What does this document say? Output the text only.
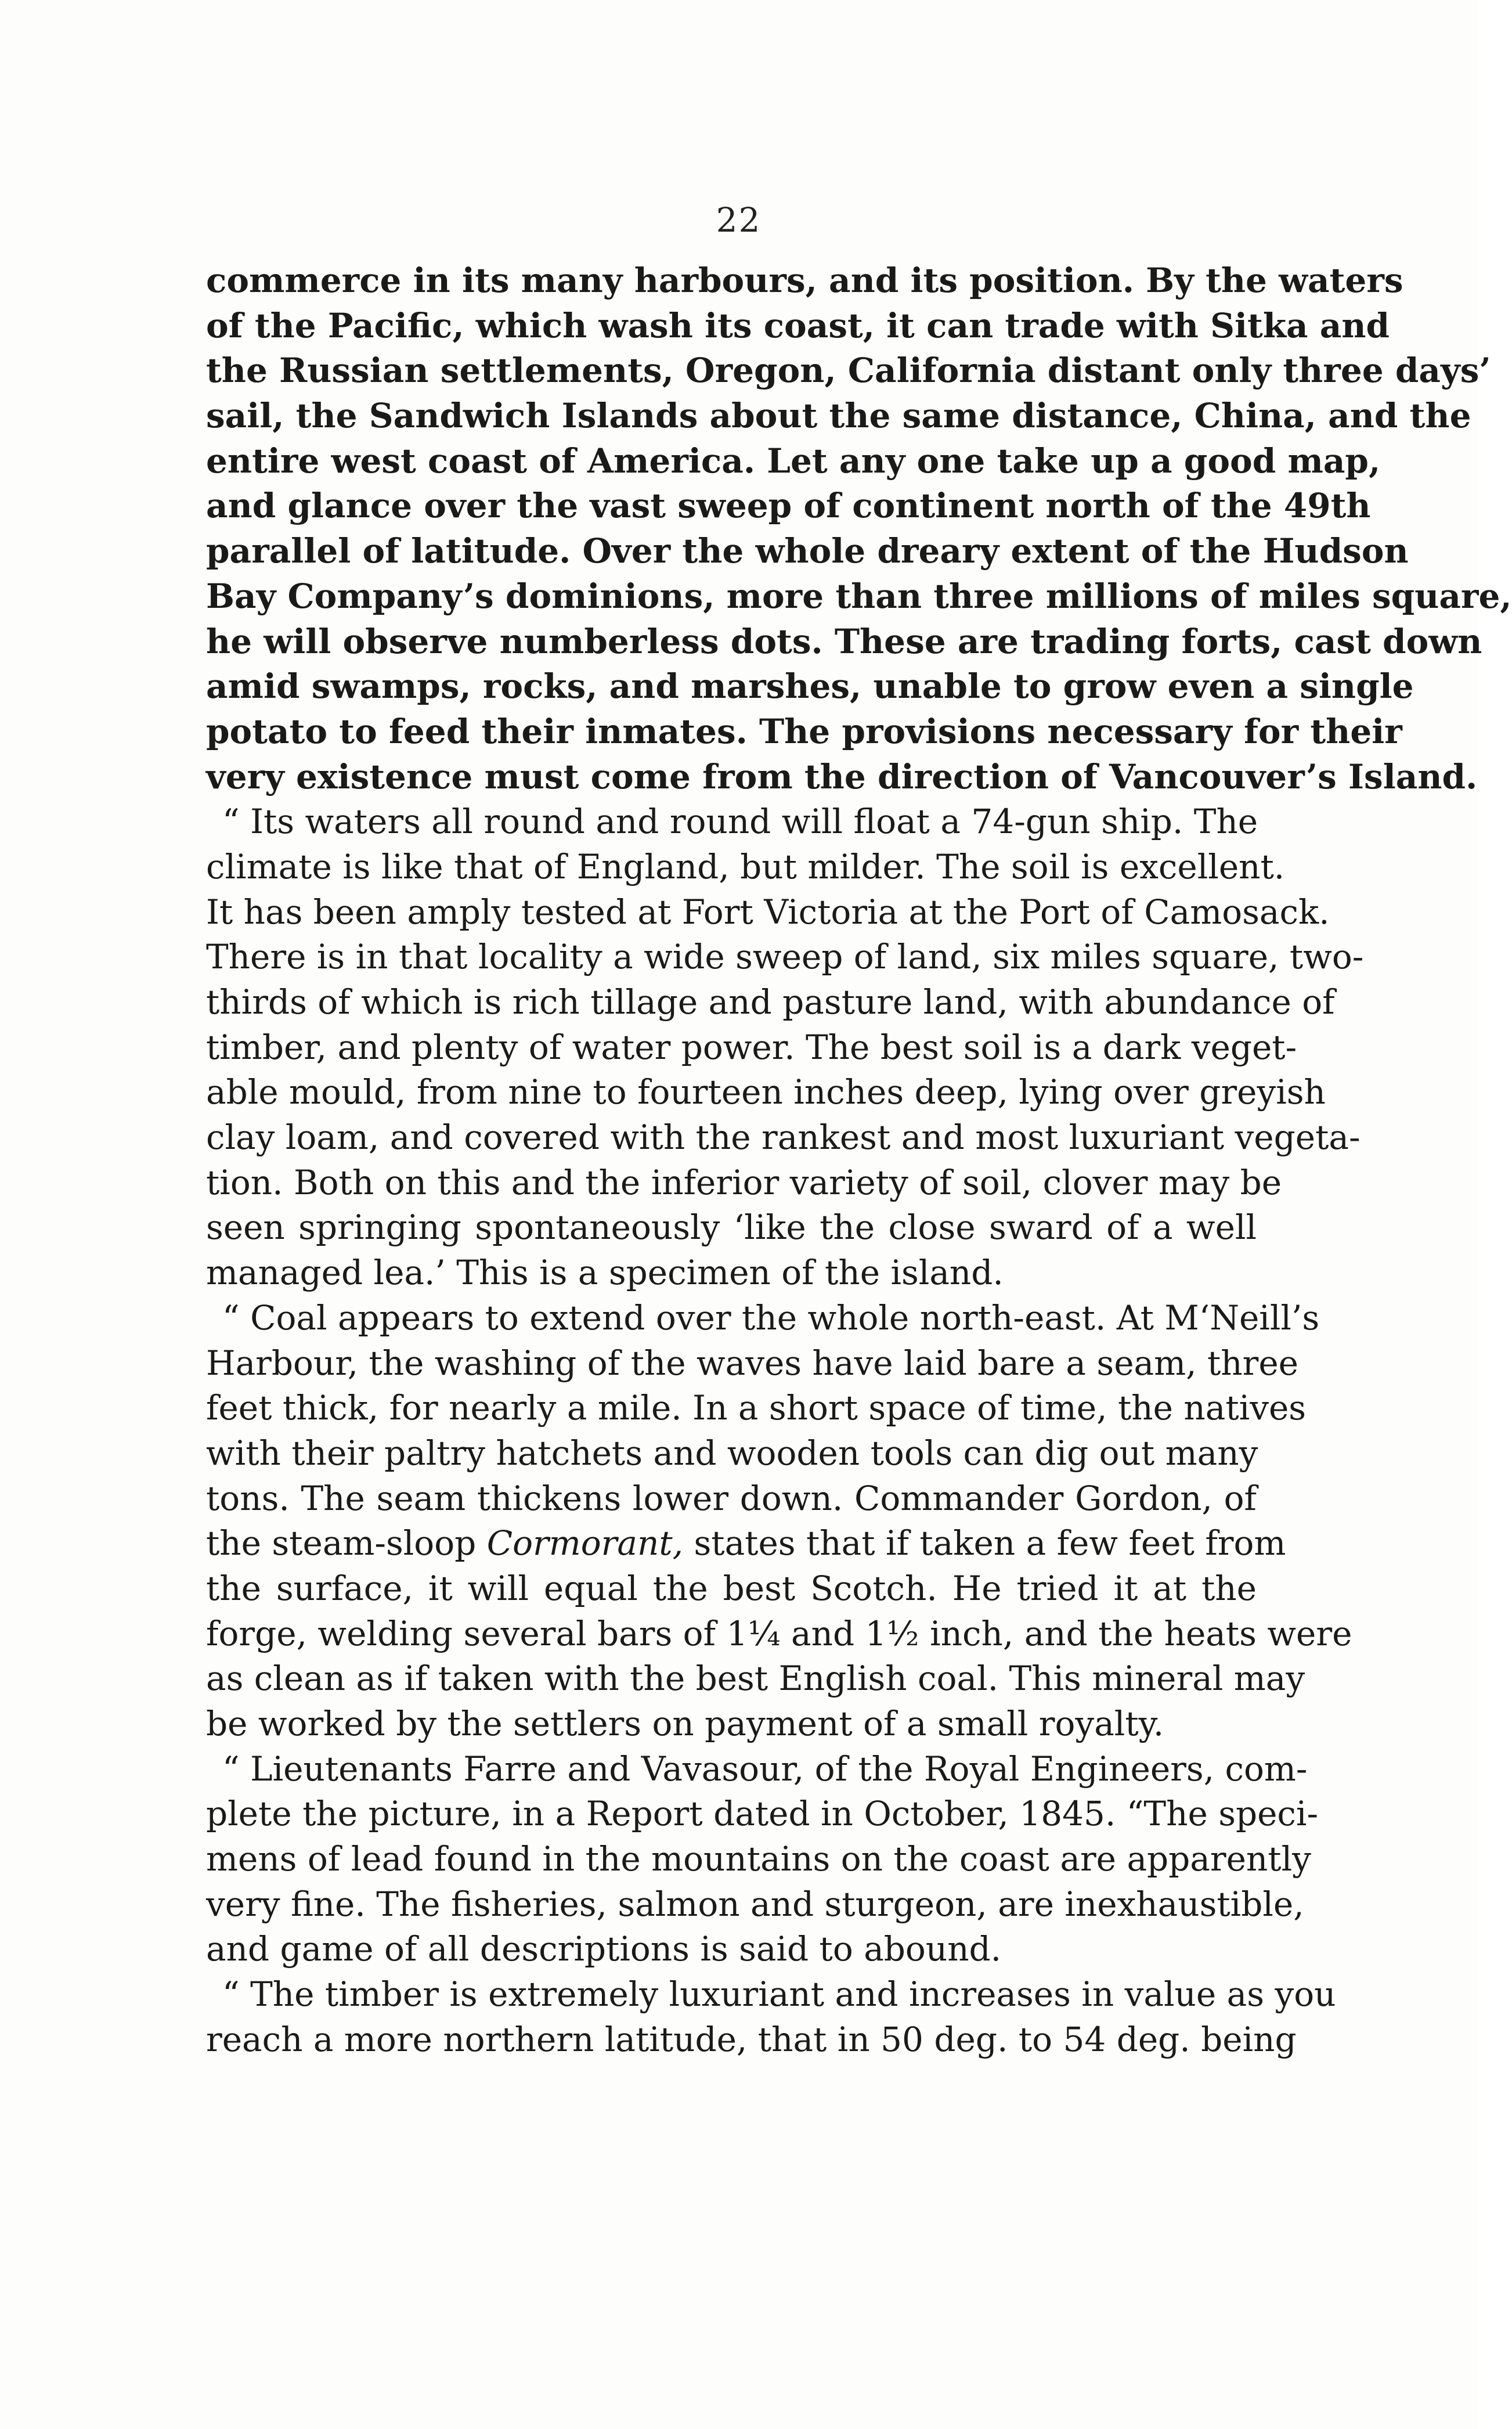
22
commerce in its many harbours, and its position. By the waters
of the Pacific, which wash its coast, it can trade with Sitka and
the Russian settlements, Oregon, California distant only three days’
sail, the Sandwich Islands about the same distance, China, and the
entire west coast of America. Let any one take up a good map,
and glance over the vast sweep of continent north of the 49th
parallel of latitude. Over the whole dreary extent of the Hudson
Bay Company’s dominions, more than three millions of miles square,
he will observe numberless dots. These are trading forts, cast down
amid swamps, rocks, and marshes, unable to grow even a single
potato to feed their inmates. The provisions necessary for their
very existence must come from the direction of Vancouver’s Island.
“ Its waters all round and round will float a 74-gun ship. The
climate is like that of England, but milder. The soil is excellent.
It has been amply tested at Fort Victoria at the Port of Camosack.
There is in that locality a wide sweep of land, six miles square, two-
thirds of which is rich tillage and pasture land, with abundance of
timber, and plenty of water power. The best soil is a dark veget-
able mould, from nine to fourteen inches deep, lying over greyish
clay loam, and covered with the rankest and most luxuriant vegeta-
tion. Both on this and the inferior variety of soil, clover may be
seen springing spontaneously ‘like the close sward of a well
managed lea.’ This is a specimen of the island.
“ Coal appears to extend over the whole north-east. At M‘Neill’s
Harbour, the washing of the waves have laid bare a seam, three
feet thick, for nearly a mile. In a short space of time, the natives
with their paltry hatchets and wooden tools can dig out many
tons. The seam thickens lower down. Commander Gordon, of
the steam-sloop Cormorant, states that if taken a few feet from
the surface, it will equal the best Scotch. He tried it at the
forge, welding several bars of 1¼ and 1½ inch, and the heats were
as clean as if taken with the best English coal. This mineral may
be worked by the settlers on payment of a small royalty.
“ Lieutenants Farre and Vavasour, of the Royal Engineers, com-
plete the picture, in a Report dated in October, 1845. “The speci-
mens of lead found in the mountains on the coast are apparently
very fine. The fisheries, salmon and sturgeon, are inexhaustible,
and game of all descriptions is said to abound.
“ The timber is extremely luxuriant and increases in value as you
reach a more northern latitude, that in 50 deg. to 54 deg. being
